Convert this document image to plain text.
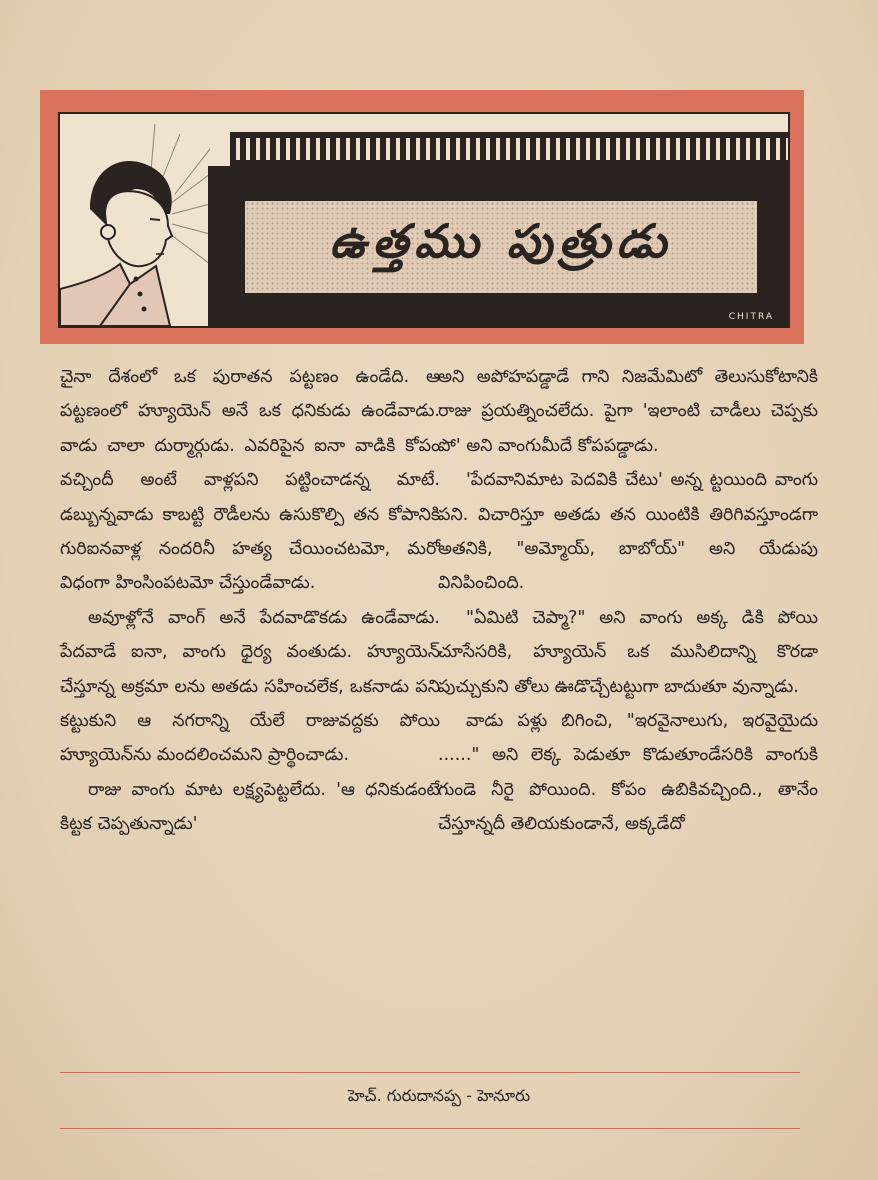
ఉత్తము పుత్రుడు
CHITRA

చైనా దేశంలో ఒక పురాతన పట్టణం ఉండేది. ఆ పట్టణంలో హ్యూయెన్ అనే ఒక ధనికుడు ఉండేవాడు. వాడు చాలా దుర్మార్గుడు. ఎవరిపైన ఐనా వాడికి కోపం వచ్చిందీ అంటే వాళ్లపని పట్టించాడన్న మాటే. డబ్బున్నవాడు కాబట్టి రౌడీలను ఉసుకొల్పి తన కోపానికి గురిఐనవాళ్ల నందరినీ హత్య చేయించటమో, మరో విధంగా హింసింపటమో చేస్తుండేవాడు.

అవూళ్లోనే వాంగ్ అనే పేదవాడొకడు ఉండేవాడు. పేదవాడే ఐనా, వాంగు ధైర్య వంతుడు. హ్యూయెన్ చేస్తూన్న అక్రమా లను అతడు సహించలేక, ఒకనాడు పని కట్టుకుని ఆ నగరాన్ని యేలే రాజువద్దకు పోయి హ్యూయెన్‌ను మందలించమని ప్రార్థించాడు.

రాజు వాంగు మాట లక్ష్యపెట్టలేదు. 'ఆ ధనికుడంటే కిట్టక చెప్పతున్నాడు'

అని అపోహపడ్డాడే గాని నిజమేమిటో తెలుసుకోటానికి రాజు ప్రయత్నించలేదు. పైగా 'ఇలాంటి చాడీలు చెప్పకు పో' అని వాంగుమీదే కోపపడ్డాడు.

'పేదవానిమాట పెదవికి చేటు' అన్న ట్టయింది వాంగు పని. విచారిస్తూ అతడు తన యింటికి తిరిగివస్తూండగా అతనికి, "అమ్మోయ్, బాబోయ్" అని యేడుపు వినిపించింది.

"ఏమిటి చెప్మా?" అని వాంగు అక్క డికి పోయి చూసేసరికి, హ్యూయెన్ ఒక ముసిలిదాన్ని కొరడా పుచ్చుకుని తోలు ఊడొచ్చేటట్టుగా బాదుతూ వున్నాడు.

వాడు పళ్లు బిగించి, "ఇరవైనాలుగు, ఇరవైయైదు ......" అని లెక్క పెడుతూ కొడుతూండేసరికి వాంగుకి గుండె నీరై పోయింది. కోపం ఉబికివచ్చింది., తానేం చేస్తూన్నదీ తెలియకుండానే, అక్కడేదో

హెచ్. గురుదానప్ప - హెనూరు
